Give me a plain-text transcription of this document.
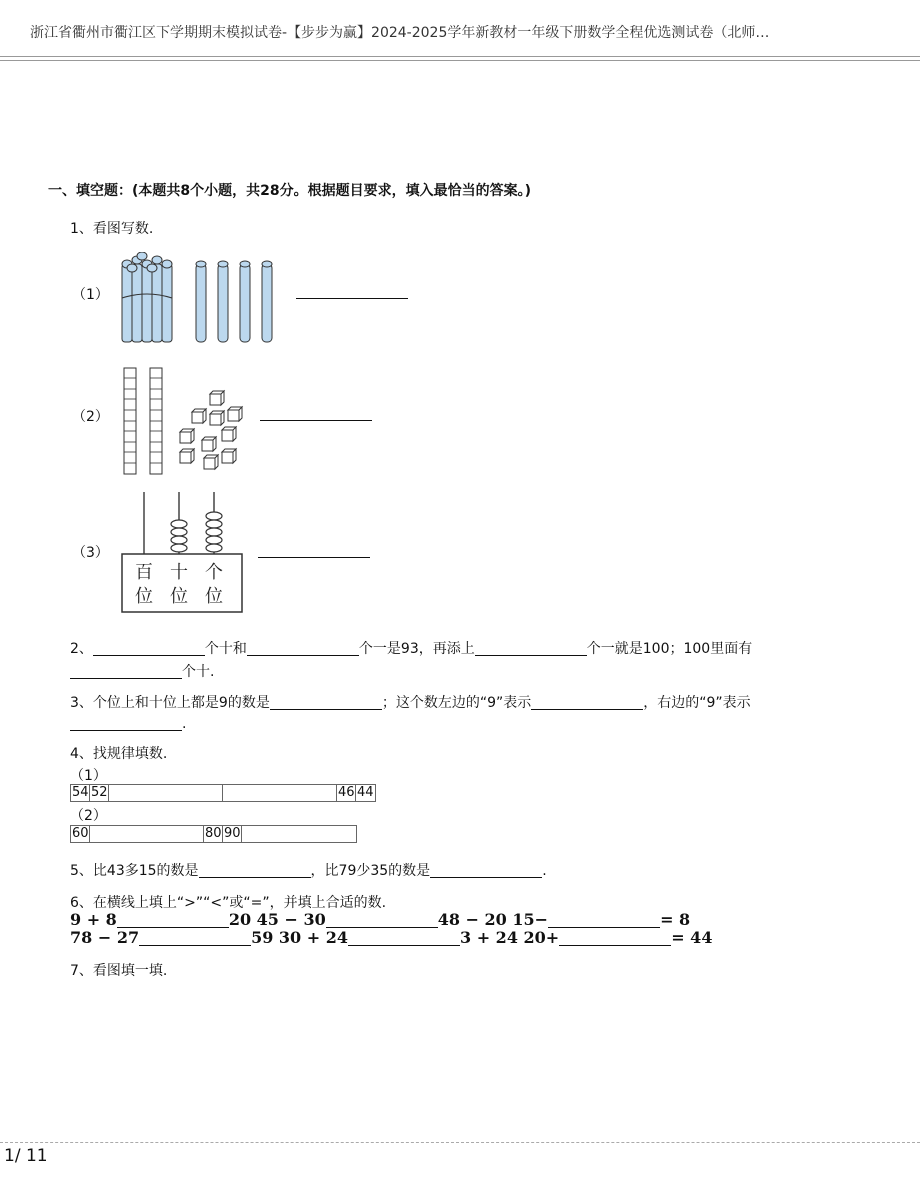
浙江省衢州市衢江区下学期期末模拟试卷-【步步为赢】2024-2025学年新教材一年级下册数学全程优选测试卷（北师…
一、填空题：(本题共8个小题，共28分。根据题目要求，填入最恰当的答案。)
1、看图写数.
（1）
（2）
（3）
百
位
十
位
个
位
2、	个十和	个一是93，再添上	个一就是100；100里面有
个十.
3、个位上和十位上都是9的数是	；这个数左边的“9”表示	，右边的“9”表示
.
4、找规律填数.
（1）
54 52	46 44
（2）
60	80 90
5、比43多15的数是	，比79少35的数是	.
6、在横线上填上“>”“<”或“=”，并填上合适的数.
9 + 8	20 45 − 30	48 − 20 15−	= 8
78 − 27	59 30 + 24	3 + 24 20+	= 44
7、看图填一填.
1/ 11
